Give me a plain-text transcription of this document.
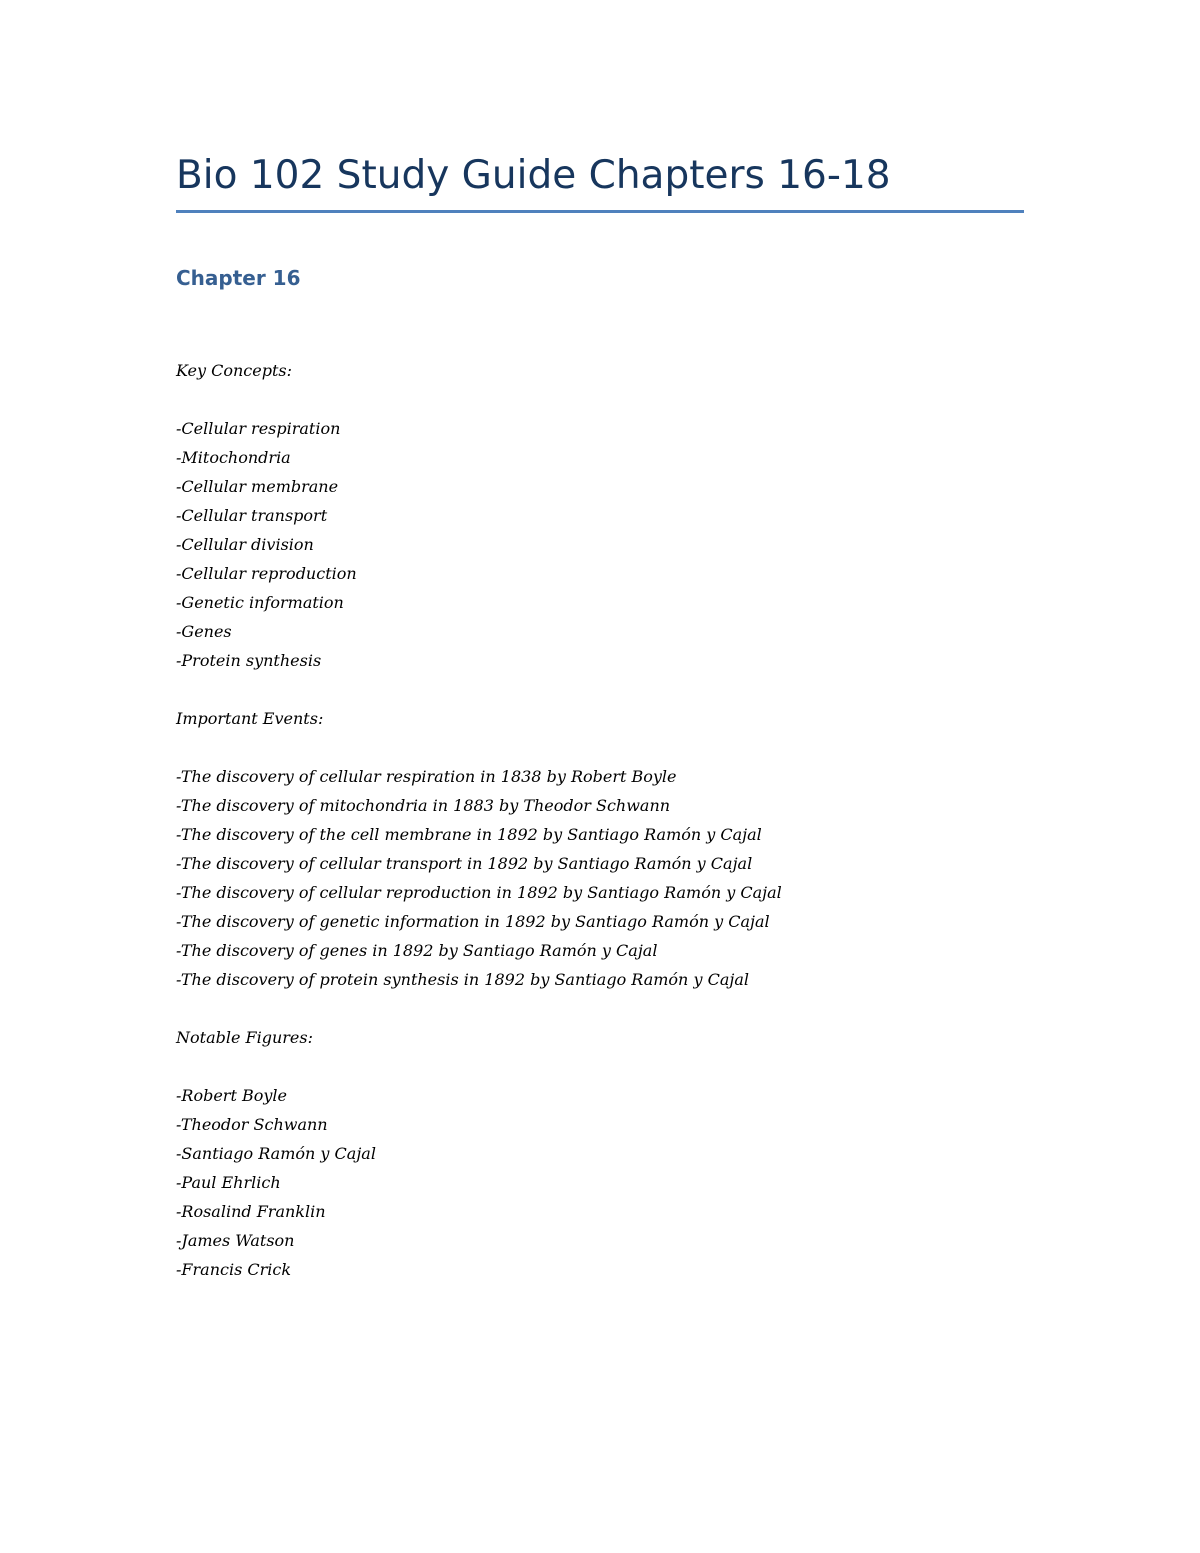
Bio 102 Study Guide Chapters 16-18
Chapter 16

Key Concepts:

-Cellular respiration
-Mitochondria
-Cellular membrane
-Cellular transport
-Cellular division
-Cellular reproduction
-Genetic information
-Genes
-Protein synthesis

Important Events:

-The discovery of cellular respiration in 1838 by Robert Boyle
-The discovery of mitochondria in 1883 by Theodor Schwann
-The discovery of the cell membrane in 1892 by Santiago Ramón y Cajal
-The discovery of cellular transport in 1892 by Santiago Ramón y Cajal
-The discovery of cellular reproduction in 1892 by Santiago Ramón y Cajal
-The discovery of genetic information in 1892 by Santiago Ramón y Cajal
-The discovery of genes in 1892 by Santiago Ramón y Cajal
-The discovery of protein synthesis in 1892 by Santiago Ramón y Cajal

Notable Figures:

-Robert Boyle
-Theodor Schwann
-Santiago Ramón y Cajal
-Paul Ehrlich
-Rosalind Franklin
-James Watson
-Francis Crick
